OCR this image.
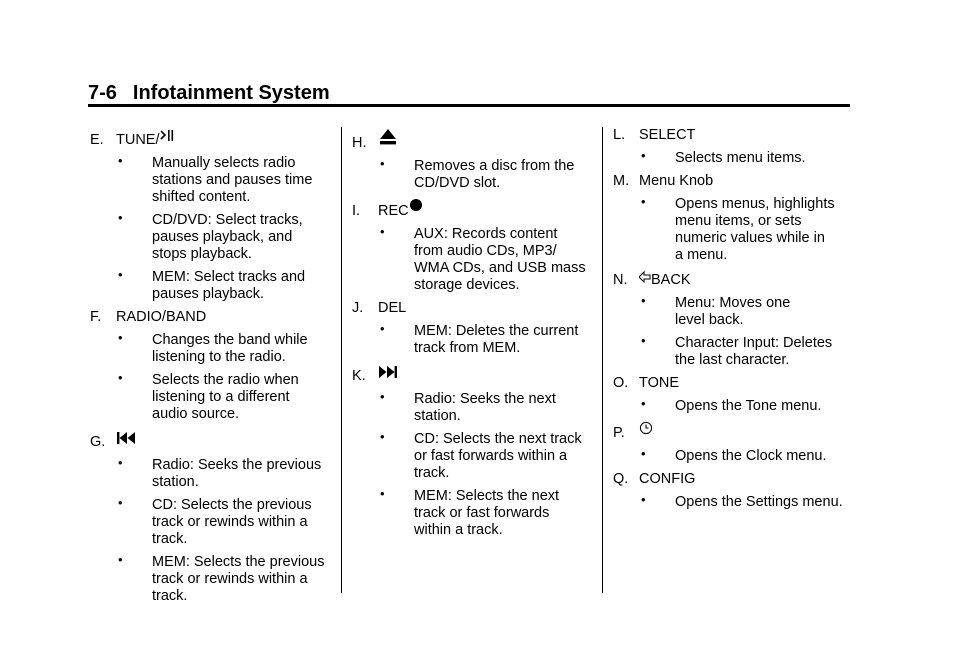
7-6 Infotainment System
E. TUNE/
• Manually selects radio
stations and pauses time
shifted content.
• CD/DVD: Select tracks,
pauses playback, and
stops playback.
• MEM: Select tracks and
pauses playback.
F.	RADIO/BAND
• Changes the band while
listening to the radio.
• Selects the radio when
listening to a different
audio source.
G.
• Radio: Seeks the previous
station.
• CD: Selects the previous
track or rewinds within a
track.
• MEM: Selects the previous
track or rewinds within a
track.
H.
• Removes a disc from the
CD/DVD slot.
I.	REC
• AUX: Records content
from audio CDs, MP3/
WMA CDs, and USB mass
storage devices.
J.	DEL
• MEM: Deletes the current
track from MEM.
K.
• Radio: Seeks the next
station.
• CD: Selects the next track
or fast forwards within a
track.
• MEM: Selects the next
track or fast forwards
within a track.
L. SELECT
• Selects menu items.
M. Menu Knob
• Opens menus, highlights
menu items, or sets
numeric values while in
a menu.
N.	BACK
• Menu: Moves one
level back.
• Character Input: Deletes
the last character.
O. TONE
• Opens the Tone menu.
P.
• Opens the Clock menu.
Q. CONFIG
• Opens the Settings menu.
